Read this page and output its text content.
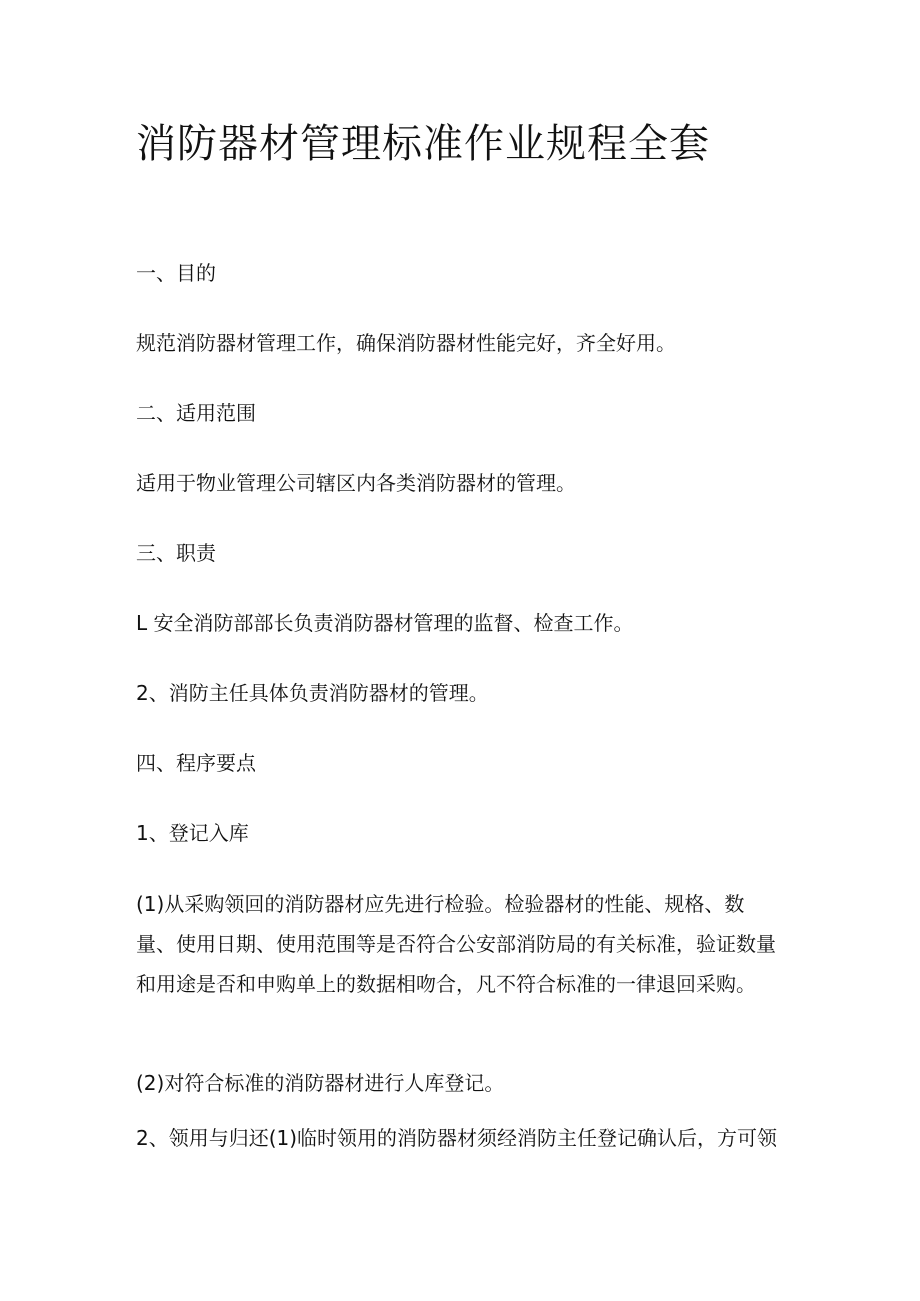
消防器材管理标准作业规程全套

一、目的

规范消防器材管理工作，确保消防器材性能完好，齐全好用。

二、适用范围

适用于物业管理公司辖区内各类消防器材的管理。

三、职责

L 安全消防部部长负责消防器材管理的监督、检查工作。

2、消防主任具体负责消防器材的管理。

四、程序要点

1、登记入库

(1)从采购领回的消防器材应先进行检验。检验器材的性能、规格、数
量、使用日期、使用范围等是否符合公安部消防局的有关标准，验证数量
和用途是否和申购单上的数据相吻合，凡不符合标准的一律退回采购。

(2)对符合标准的消防器材进行人库登记。

2、领用与归还(1)临时领用的消防器材须经消防主任登记确认后，方可领
